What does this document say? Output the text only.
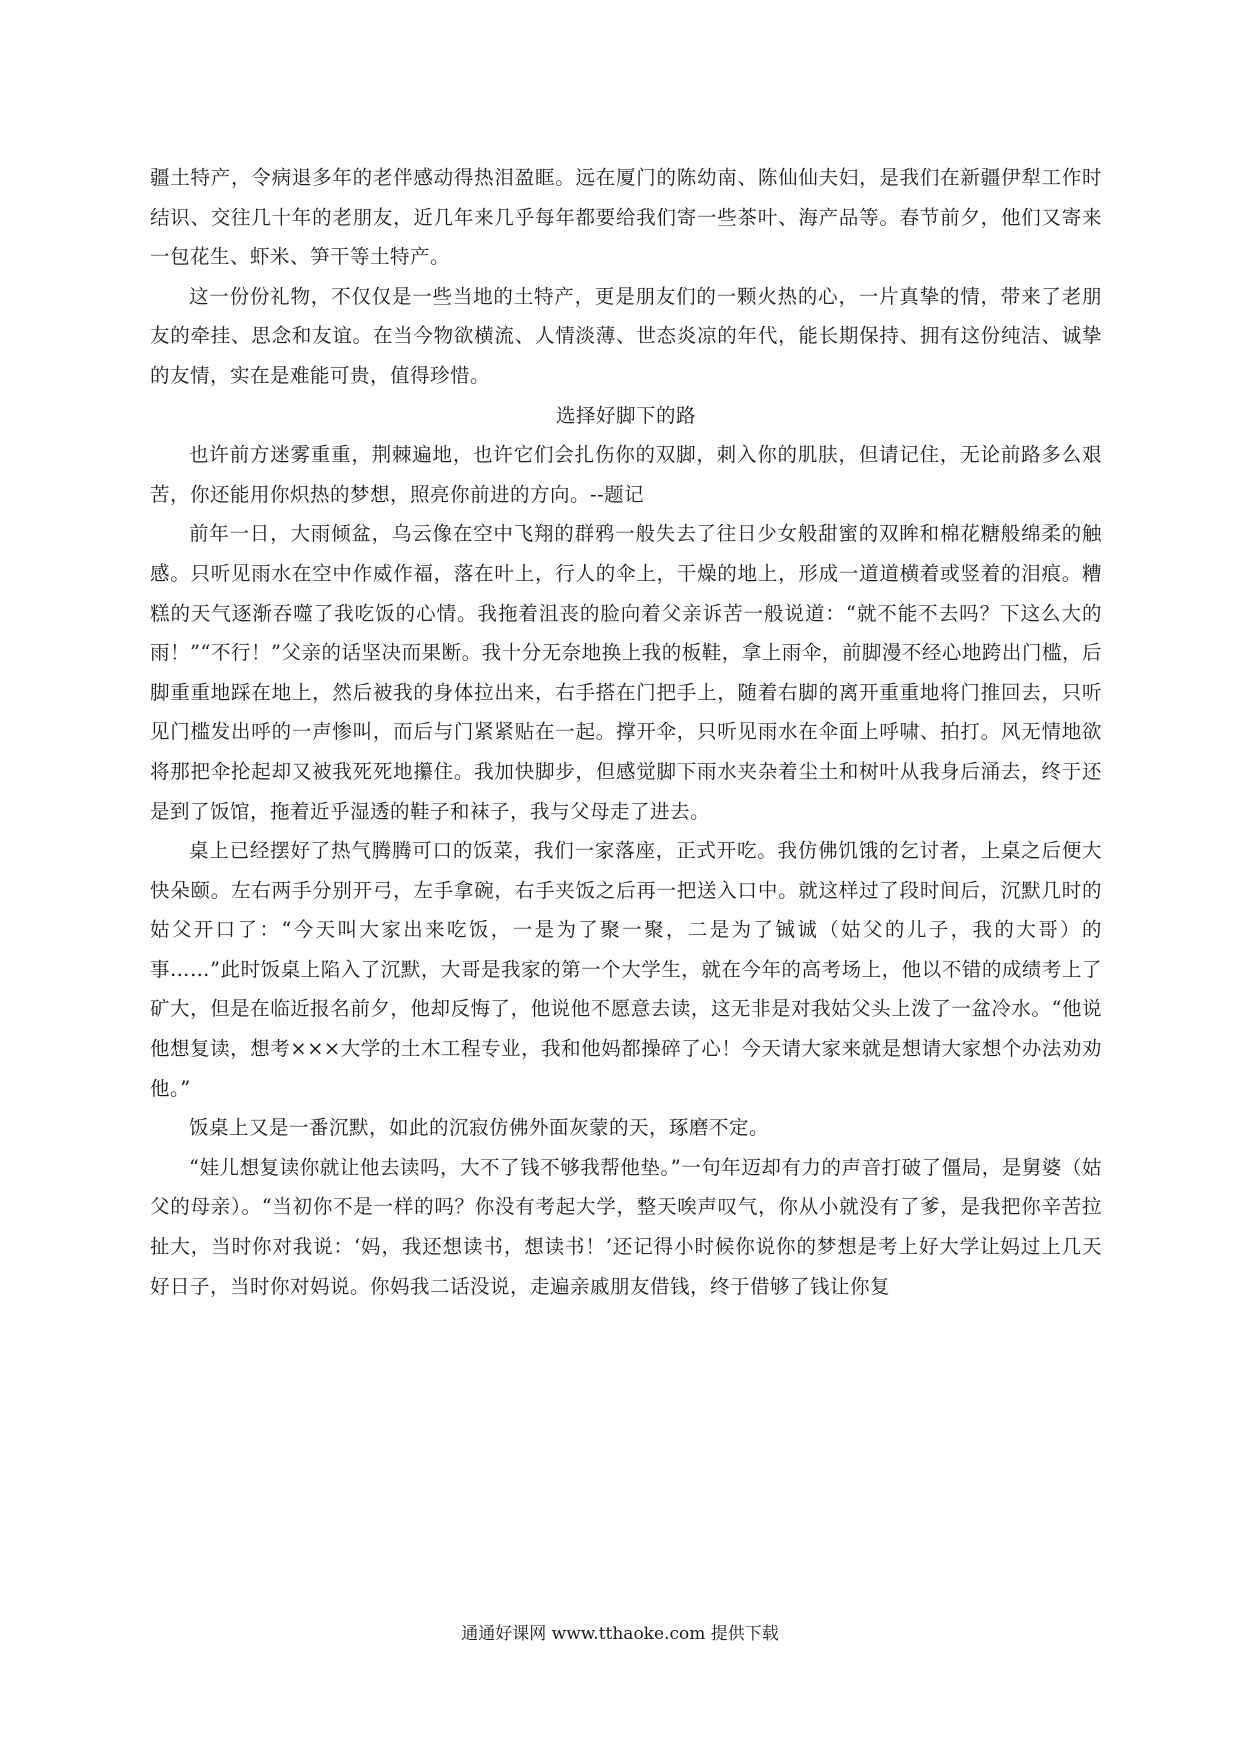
疆土特产，令病退多年的老伴感动得热泪盈眶。远在厦门的陈幼南、陈仙仙夫妇，是我们在新疆伊犁工作时结识、交往几十年的老朋友，近几年来几乎每年都要给我们寄一些茶叶、海产品等。春节前夕，他们又寄来一包花生、虾米、笋干等土特产。

这一份份礼物，不仅仅是一些当地的土特产，更是朋友们的一颗火热的心，一片真挚的情，带来了老朋友的牵挂、思念和友谊。在当今物欲横流、人情淡薄、世态炎凉的年代，能长期保持、拥有这份纯洁、诚挚的友情，实在是难能可贵，值得珍惜。

选择好脚下的路

也许前方迷雾重重，荆棘遍地，也许它们会扎伤你的双脚，刺入你的肌肤，但请记住，无论前路多么艰苦，你还能用你炽热的梦想，照亮你前进的方向。--题记

前年一日，大雨倾盆，乌云像在空中飞翔的群鸦一般失去了往日少女般甜蜜的双眸和棉花糖般绵柔的触感。只听见雨水在空中作威作福，落在叶上，行人的伞上，干燥的地上，形成一道道横着或竖着的泪痕。糟糕的天气逐渐吞噬了我吃饭的心情。我拖着沮丧的脸向着父亲诉苦一般说道：“就不能不去吗？下这么大的雨！”“不行！”父亲的话坚决而果断。我十分无奈地换上我的板鞋，拿上雨伞，前脚漫不经心地跨出门槛，后脚重重地踩在地上，然后被我的身体拉出来，右手搭在门把手上，随着右脚的离开重重地将门推回去，只听见门槛发出呼的一声惨叫，而后与门紧紧贴在一起。撑开伞，只听见雨水在伞面上呼啸、拍打。风无情地欲将那把伞抡起却又被我死死地攥住。我加快脚步，但感觉脚下雨水夹杂着尘土和树叶从我身后涌去，终于还是到了饭馆，拖着近乎湿透的鞋子和袜子，我与父母走了进去。

桌上已经摆好了热气腾腾可口的饭菜，我们一家落座，正式开吃。我仿佛饥饿的乞讨者，上桌之后便大快朵颐。左右两手分别开弓，左手拿碗，右手夹饭之后再一把送入口中。就这样过了段时间后，沉默几时的姑父开口了：“今天叫大家出来吃饭，一是为了聚一聚，二是为了铖诚（姑父的儿子，我的大哥）的事……”此时饭桌上陷入了沉默，大哥是我家的第一个大学生，就在今年的高考场上，他以不错的成绩考上了矿大，但是在临近报名前夕，他却反悔了，他说他不愿意去读，这无非是对我姑父头上泼了一盆冷水。“他说他想复读，想考×××大学的土木工程专业，我和他妈都操碎了心！今天请大家来就是想请大家想个办法劝劝他。”

饭桌上又是一番沉默，如此的沉寂仿佛外面灰蒙的天，琢磨不定。

“娃儿想复读你就让他去读吗，大不了钱不够我帮他垫。”一句年迈却有力的声音打破了僵局，是舅婆（姑父的母亲）。“当初你不是一样的吗？你没有考起大学，整天唉声叹气，你从小就没有了爹，是我把你辛苦拉扯大，当时你对我说：‘妈，我还想读书，想读书！’还记得小时候你说你的梦想是考上好大学让妈过上几天好日子，当时你对妈说。你妈我二话没说，走遍亲戚朋友借钱，终于借够了钱让你复

通通好课网 www.tthaoke.com 提供下载
